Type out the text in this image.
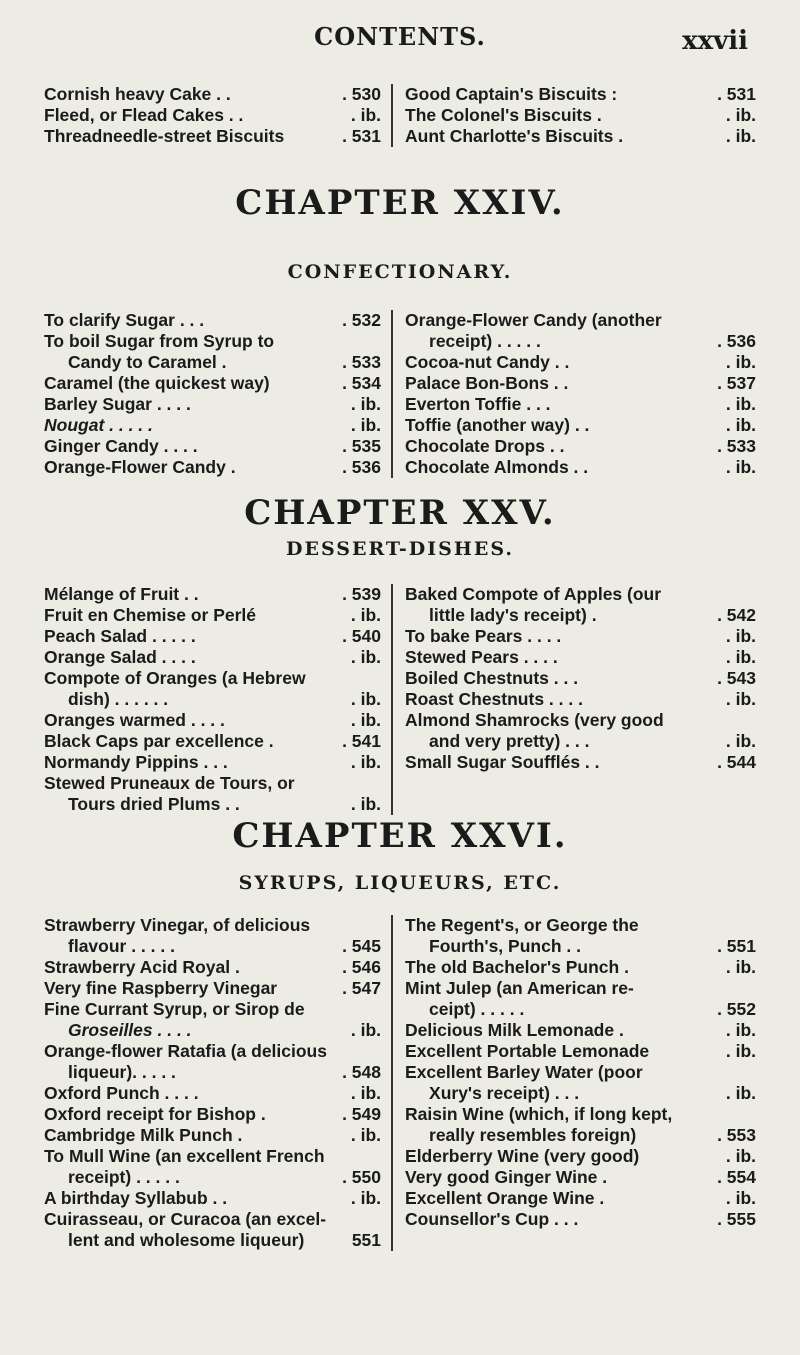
CONTENTS.	xxvii
Cornish heavy Cake . .	. 530
Fleed, or Flead Cakes . .	. ib.
Threadneedle-street Biscuits	. 531
Good Captain's Biscuits :	. 531
The Colonel's Biscuits .	. ib.
Aunt Charlotte's Biscuits .	. ib.
CHAPTER XXIV.
CONFECTIONARY.
To clarify Sugar . . .	. 532
To boil Sugar from Syrup to
Candy to Caramel .	. 533
Caramel (the quickest way)	. 534
Barley Sugar . . . .	. ib.
Nougat . . . . .	. ib.
Ginger Candy . . . .	. 535
Orange-Flower Candy .	. 536
Orange-Flower Candy (another
receipt) . . . . .	. 536
Cocoa-nut Candy . .	. ib.
Palace Bon-Bons . .	. 537
Everton Toffie . . .	. ib.
Toffie (another way) . .	. ib.
Chocolate Drops . .	. 533
Chocolate Almonds . .	. ib.
CHAPTER XXV.
DESSERT-DISHES.
Mélange of Fruit . .	. 539
Fruit en Chemise or Perlé	. ib.
Peach Salad . . . . .	. 540
Orange Salad . . . .	. ib.
Compote of Oranges (a Hebrew
dish) . . . . . .	. ib.
Oranges warmed . . . .	. ib.
Black Caps par excellence .	. 541
Normandy Pippins . . .	. ib.
Stewed Pruneaux de Tours, or
Tours dried Plums . .	. ib.
Baked Compote of Apples (our
little lady's receipt) .	. 542
To bake Pears . . . .	. ib.
Stewed Pears . . . .	. ib.
Boiled Chestnuts . . .	. 543
Roast Chestnuts . . . .	. ib.
Almond Shamrocks (very good
and very pretty) . . .	. ib.
Small Sugar Soufflés . .	. 544
CHAPTER XXVI.
SYRUPS, LIQUEURS, ETC.
Strawberry Vinegar, of delicious
flavour . . . . .	. 545
Strawberry Acid Royal .	. 546
Very fine Raspberry Vinegar	. 547
Fine Currant Syrup, or Sirop de
Groseilles . . . .	. ib.
Orange-flower Ratafia (a delicious
liqueur). . . . .	. 548
Oxford Punch . . . .	. ib.
Oxford receipt for Bishop .	. 549
Cambridge Milk Punch .	. ib.
To Mull Wine (an excellent French
receipt) . . . . .	. 550
A birthday Syllabub . .	. ib.
Cuirasseau, or Curacoa (an excel-
lent and wholesome liqueur)	551
The Regent's, or George the
Fourth's, Punch . .	. 551
The old Bachelor's Punch .	. ib.
Mint Julep (an American re-
ceipt) . . . . .	. 552
Delicious Milk Lemonade .	. ib.
Excellent Portable Lemonade	. ib.
Excellent Barley Water (poor
Xury's receipt) . . .	. ib.
Raisin Wine (which, if long kept,
really resembles foreign)	. 553
Elderberry Wine (very good)	. ib.
Very good Ginger Wine .	. 554
Excellent Orange Wine .	. ib.
Counsellor's Cup . . .	. 555
